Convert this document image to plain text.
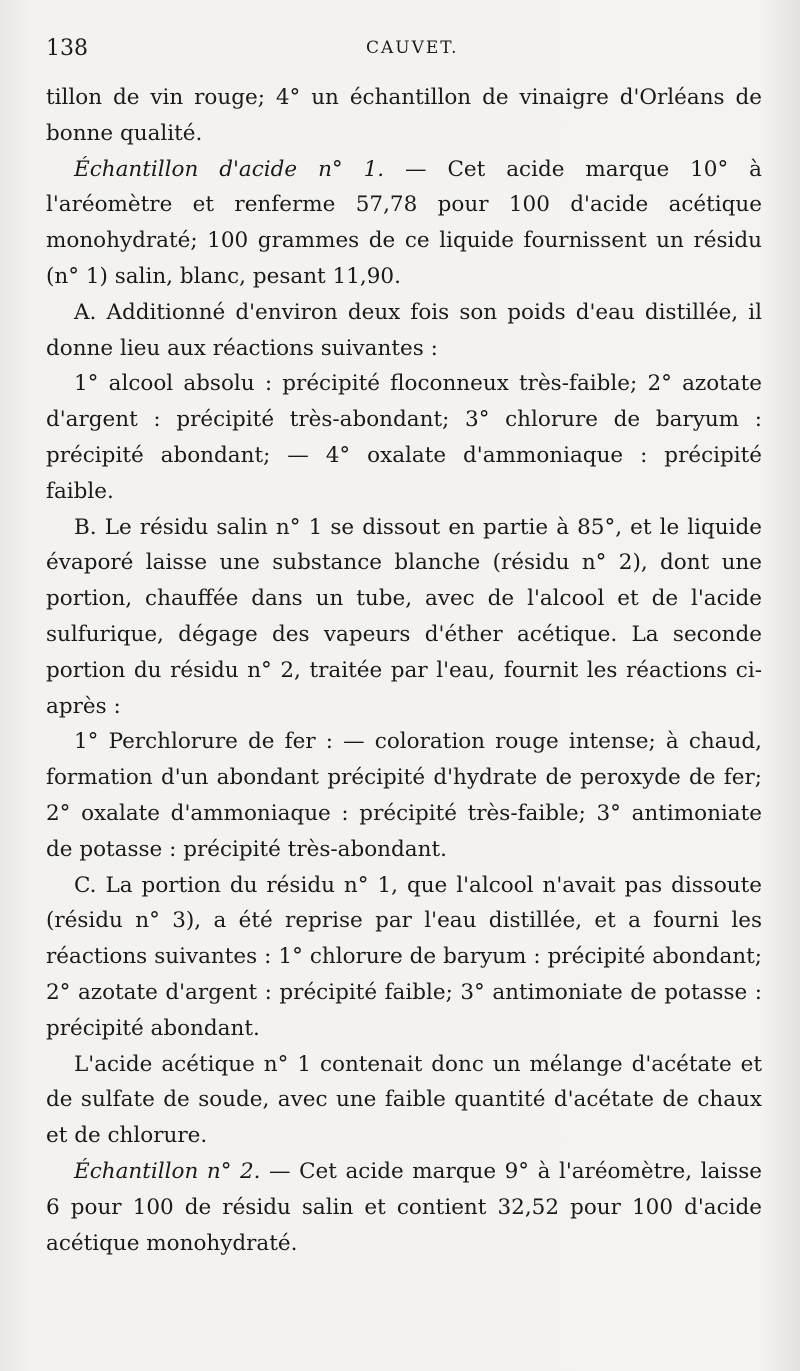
138	CAUVET.

tillon de vin rouge; 4° un échantillon de vinaigre d'Orléans de bonne qualité.

Échantillon d'acide n° 1. — Cet acide marque 10° à l'aréomètre et renferme 57,78 pour 100 d'acide acétique monohydraté; 100 grammes de ce liquide fournissent un résidu (n° 1) salin, blanc, pesant 11,90.

A. Additionné d'environ deux fois son poids d'eau distillée, il donne lieu aux réactions suivantes :

1° alcool absolu : précipité floconneux très-faible; 2° azotate d'argent : précipité très-abondant; 3° chlorure de baryum : précipité abondant; — 4° oxalate d'ammoniaque : précipité faible.

B. Le résidu salin n° 1 se dissout en partie à 85°, et le liquide évaporé laisse une substance blanche (résidu n° 2), dont une portion, chauffée dans un tube, avec de l'alcool et de l'acide sulfurique, dégage des vapeurs d'éther acétique. La seconde portion du résidu n° 2, traitée par l'eau, fournit les réactions ci-après :

1° Perchlorure de fer : — coloration rouge intense; à chaud, formation d'un abondant précipité d'hydrate de peroxyde de fer; 2° oxalate d'ammoniaque : précipité très-faible; 3° antimoniate de potasse : précipité très-abondant.

C. La portion du résidu n° 1, que l'alcool n'avait pas dissoute (résidu n° 3), a été reprise par l'eau distillée, et a fourni les réactions suivantes : 1° chlorure de baryum : précipité abondant; 2° azotate d'argent : précipité faible; 3° antimoniate de potasse : précipité abondant.

L'acide acétique n° 1 contenait donc un mélange d'acétate et de sulfate de soude, avec une faible quantité d'acétate de chaux et de chlorure.

Échantillon n° 2. — Cet acide marque 9° à l'aréomètre, laisse 6 pour 100 de résidu salin et contient 32,52 pour 100 d'acide acétique monohydraté.
